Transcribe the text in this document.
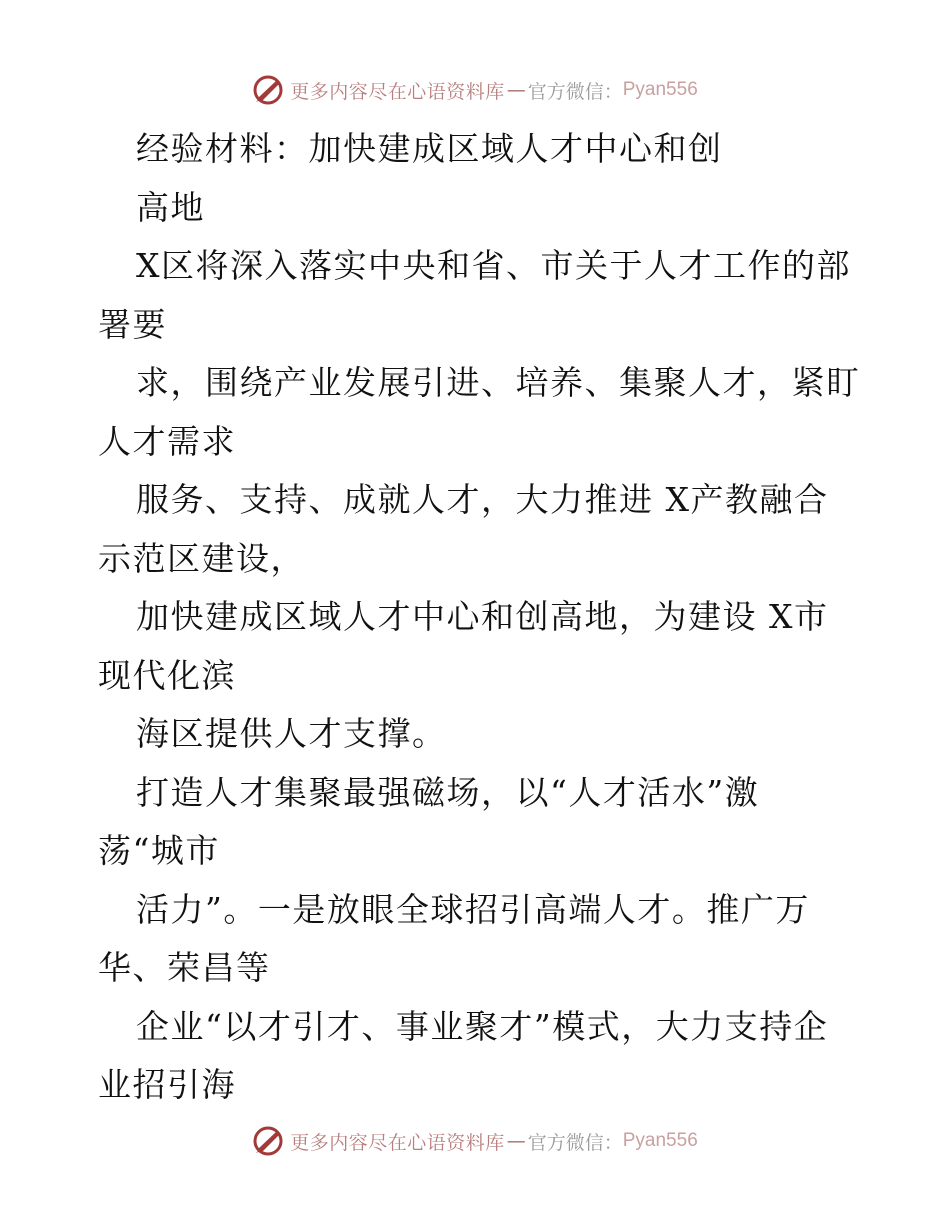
更多内容尽在心语资料库 — 官方微信： Pyan556
经验材料：加快建成区域人才中心和创
高地
X区将深入落实中央和省、市关于人才工作的部
署要
求，围绕产业发展引进、培养、集聚人才，紧盯
人才需求
服务、支持、成就人才，大力推进 X产教融合
示范区建设，
加快建成区域人才中心和创高地，为建设 X市
现代化滨
海区提供人才支撑。
打造人才集聚最强磁场，以“人才活水”激
荡“城市
活力”。一是放眼全球招引高端人才。推广万
华、荣昌等
企业“以才引才、事业聚才”模式，大力支持企
业招引海
更多内容尽在心语资料库 — 官方微信： Pyan556
